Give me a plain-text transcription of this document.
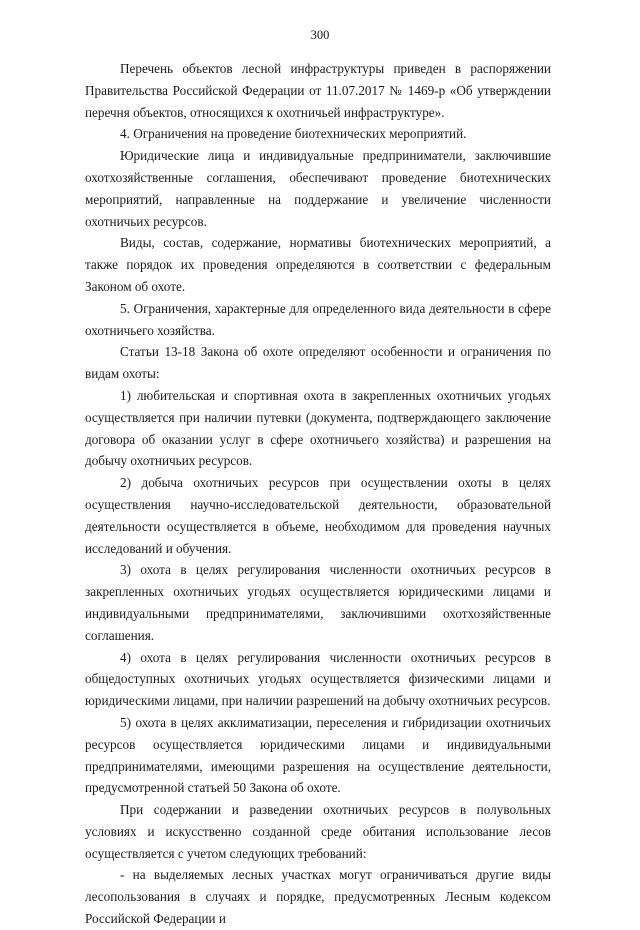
300

Перечень объектов лесной инфраструктуры приведен в распоряжении Правительства Российской Федерации от 11.07.2017 № 1469-р «Об утверждении перечня объектов, относящихся к охотничьей инфраструктуре».

4. Ограничения на проведение биотехнических мероприятий.

Юридические лица и индивидуальные предприниматели, заключившие охотхозяйственные соглашения, обеспечивают проведение биотехнических мероприятий, направленные на поддержание и увеличение численности охотничьих ресурсов.

Виды, состав, содержание, нормативы биотехнических мероприятий, а также порядок их проведения определяются в соответствии с федеральным Законом об охоте.

5. Ограничения, характерные для определенного вида деятельности в сфере охотничьего хозяйства.

Статьи 13-18 Закона об охоте определяют особенности и ограничения по видам охоты:

1) любительская и спортивная охота в закрепленных охотничьих угодьях осуществляется при наличии путевки (документа, подтверждающего заключение договора об оказании услуг в сфере охотничьего хозяйства) и разрешения на добычу охотничьих ресурсов.

2) добыча охотничьих ресурсов при осуществлении охоты в целях осуществления научно-исследовательской деятельности, образовательной деятельности осуществляется в объеме, необходимом для проведения научных исследований и обучения.

3) охота в целях регулирования численности охотничьих ресурсов в закрепленных охотничьих угодьях осуществляется юридическими лицами и индивидуальными предпринимателями, заключившими охотхозяйственные соглашения.

4) охота в целях регулирования численности охотничьих ресурсов в общедоступных охотничьих угодьях осуществляется физическими лицами и юридическими лицами, при наличии разрешений на добычу охотничьих ресурсов.

5) охота в целях акклиматизации, переселения и гибридизации охотничьих ресурсов осуществляется юридическими лицами и индивидуальными предпринимателями, имеющими разрешения на осуществление деятельности, предусмотренной статьей 50 Закона об охоте.

При содержании и разведении охотничьих ресурсов в полувольных условиях и искусственно созданной среде обитания использование лесов осуществляется с учетом следующих требований:

- на выделяемых лесных участках могут ограничиваться другие виды лесопользования в случаях и порядке, предусмотренных Лесным кодексом Российской Федерации и
